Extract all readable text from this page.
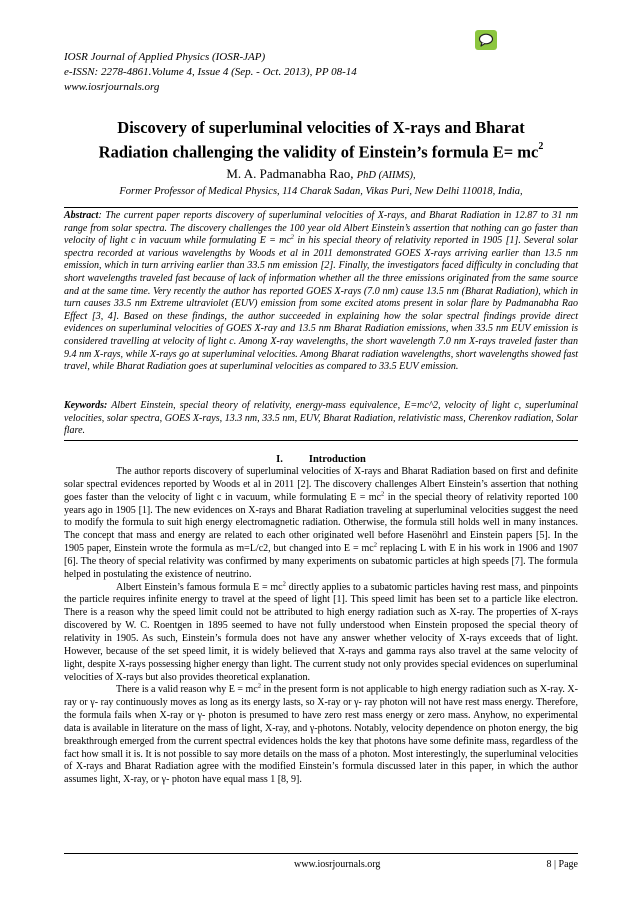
IOSR Journal of Applied Physics (IOSR-JAP)
e-ISSN: 2278-4861.Volume 4, Issue 4 (Sep. - Oct. 2013), PP 08-14
www.iosrjournals.org
Discovery of superluminal velocities of X-rays and Bharat
Radiation challenging the validity of Einstein’s formula $E= mc^2$
M. A. Padmanabha Rao, PhD (AIIMS),
Former Professor of Medical Physics, 114 Charak Sadan, Vikas Puri, New Delhi 110018, India,
Abstract: The current paper reports discovery of superluminal velocities of X-rays, and Bharat Radiation in 12.87 to 31 nm range from solar spectra. The discovery challenges the 100 year old Albert Einstein’s assertion that nothing can go faster than velocity of light c in vacuum while formulating $E = mc^2$ in his special theory of relativity reported in 1905 [1]. Several solar spectra recorded at various wavelengths by Woods et al in 2011 demonstrated GOES X-rays arriving earlier than 13.5 nm emission, which in turn arriving earlier than 33.5 nm emission [2]. Finally, the investigators faced difficulty in concluding that short wavelengths traveled fast because of lack of information whether all the three emissions originated from the same source and at the same time. Very recently the author has reported GOES X-rays (7.0 nm) cause 13.5 nm (Bharat Radiation), which in turn causes 33.5 nm Extreme ultraviolet (EUV) emission from some excited atoms present in solar flare by Padmanabha Rao Effect [3, 4]. Based on these findings, the author succeeded in explaining how the solar spectral findings provide direct evidences on superluminal velocities of GOES X-ray and 13.5 nm Bharat Radiation emissions, when 33.5 nm EUV emission is considered travelling at velocity of light c. Among X-ray wavelengths, the short wavelength 7.0 nm X-rays traveled faster than 9.4 nm X-rays, while X-rays go at superluminal velocities. Among Bharat radiation wavelengths, short wavelengths showed fast travel, while Bharat Radiation goes at superluminal velocities as compared to 33.5 EUV emission.
Keywords: Albert Einstein, special theory of relativity, energy-mass equivalence, E=mc^2, velocity of light c, superluminal velocities, solar spectra, GOES X-rays, 13.3 nm, 33.5 nm, EUV, Bharat Radiation, relativistic mass, Cherenkov radiation, Solar flare.
I. Introduction

The author reports discovery of superluminal velocities of X-rays and Bharat Radiation based on first and definite solar spectral evidences reported by Woods et al in 2011 [2]. The discovery challenges Albert Einstein’s assertion that nothing goes faster than the velocity of light c in vacuum, while formulating $E = mc^2$ in the special theory of relativity reported 100 years ago in 1905 [1]. The new evidences on X-rays and Bharat Radiation traveling at superluminal velocities suggest the need to modify the formula to suit high energy electromagnetic radiation. Otherwise, the formula still holds well in many instances. The concept that mass and energy are related to each other originated well before Hasenöhrl and Einstein papers [5]. In the 1905 paper, Einstein wrote the formula as m=L/c2, but changed into $E = mc^2$ replacing L with E in his work in 1906 and 1907 [6]. The theory of special relativity was confirmed by many experiments on subatomic particles at high speeds [7]. The formula helped in postulating the existence of neutrino.

Albert Einstein’s famous formula $E = mc^2$ directly applies to a subatomic particles having rest mass, and pinpoints the particle requires infinite energy to travel at the speed of light [1]. This speed limit has been set to a particle like electron. There is a reason why the speed limit could not be attributed to high energy radiation such as X-ray. The properties of X-rays discovered by W. C. Roentgen in 1895 seemed to have not fully understood when Einstein proposed the special theory of relativity in 1905. As such, Einstein’s formula does not have any answer whether velocity of X-rays exceeds that of light. However, because of the set speed limit, it is widely believed that X-rays and gamma rays also travel at the same velocity of light, despite X-rays possessing higher energy than light. The current study not only provides special evidences on superluminal velocities of X-rays but also provides theoretical explanation.

There is a valid reason why $E = mc^2$ in the present form is not applicable to high energy radiation such as X-ray. X-ray or γ- ray continuously moves as long as its energy lasts, so X-ray or γ- ray photon will not have rest mass energy. Therefore, the formula fails when X-ray or γ- photon is presumed to have zero rest mass energy or zero mass. Anyhow, no experimental data is available in literature on the mass of light, X-ray, and γ-photons. Notably, velocity dependence on photon energy, the big breakthrough emerged from the current spectral evidences holds the key that photons have some definite mass, regardless of the fact how small it is. It is not possible to say more details on the mass of a photon. Most interestingly, the superluminal velocities of X-rays and Bharat Radiation agree with the modified Einstein’s formula discussed later in this paper, in which the author assumes light, X-ray, or γ- photon have equal mass 1 [8, 9].

www.iosrjournals.org	8 | Page
